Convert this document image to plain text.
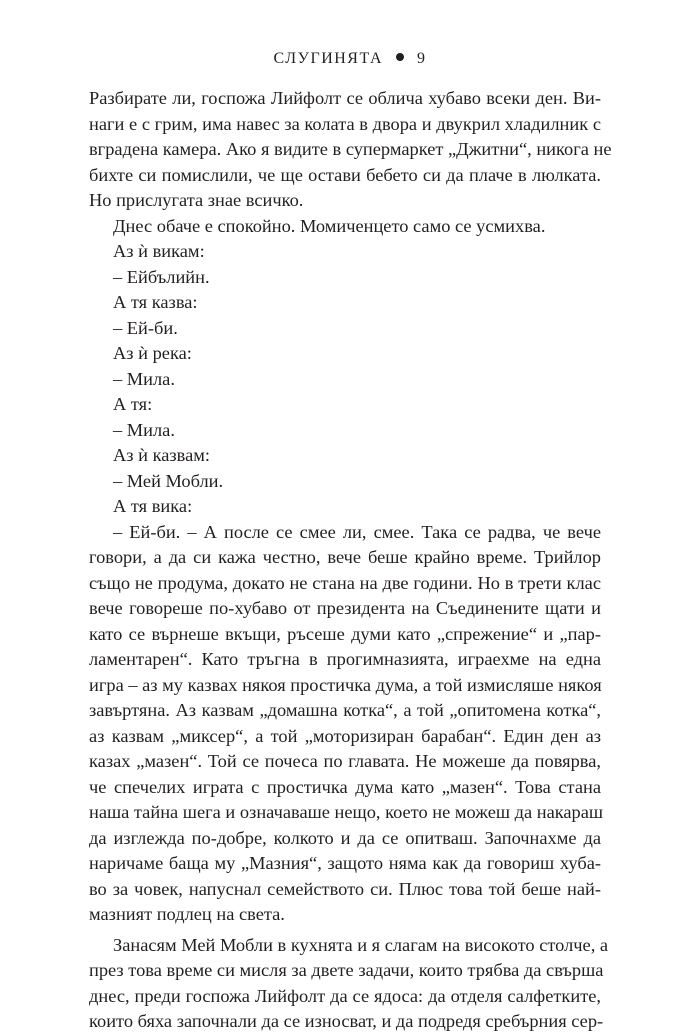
СЛУГИНЯТА 9
Разбирате ли, госпожа Лийфолт се облича хубаво всеки ден. Ви-
наги е с грим, има навес за колата в двора и двукрил хладилник с
вградена камера. Ако я видите в супермаркет „Джитни“, никога не
бихте си помислили, че ще остави бебето си да плаче в люлката.
Но прислугата знае всичко.
Днес обаче е спокойно. Момиченцето само се усмихва.
Аз ѝ викам:
– Ейбълийн.
А тя казва:
– Ей-би.
Аз ѝ река:
– Мила.
А тя:
– Мила.
Аз ѝ казвам:
– Мей Мобли.
А тя вика:
– Ей-би. – А после се смее ли, смее. Така се радва, че вече
говори, а да си кажа честно, вече беше крайно време. Трийлор
също не продума, докато не стана на две години. Но в трети клас
вече говореше по-хубаво от президента на Съединените щати и
като се върнеше вкъщи, ръсеше думи като „спрежение“ и „пар-
ламентарен“. Като тръгна в прогимназията, играехме на една
игра – аз му казвах някоя простичка дума, а той измисляше някоя
завъртяна. Аз казвам „домашна котка“, а той „опитомена котка“,
аз казвам „миксер“, а той „моторизиран барабан“. Един ден аз
казах „мазен“. Той се почеса по главата. Не можеше да повярва,
че спечелих играта с простичка дума като „мазен“. Това стана
наша тайна шега и означаваше нещо, което не можеш да накараш
да изглежда по-добре, колкото и да се опитваш. Започнахме да
наричаме баща му „Мазния“, защото няма как да говориш хуба-
во за човек, напуснал семейството си. Плюс това той беше най-
мазният подлец на света.
Занасям Мей Мобли в кухнята и я слагам на високото столче, а
през това време си мисля за двете задачи, които трябва да свърша
днес, преди госпожа Лийфолт да се ядоса: да отделя салфетките,
които бяха започнали да се износват, и да подредя сребърния сер-
